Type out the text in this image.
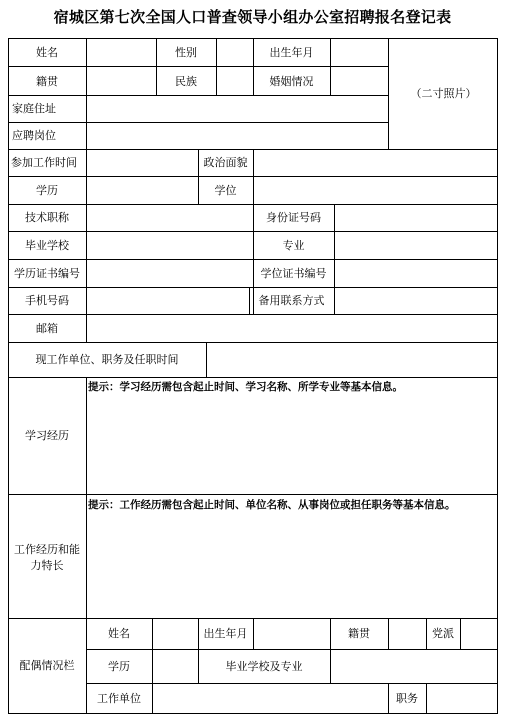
宿城区第七次全国人口普查领导小组办公室招聘报名登记表
姓名	性别	出生年月
籍贯	民族	婚姻情况
（二寸照片）
家庭住址
应聘岗位
参加工作时间	政治面貌
学历	学位
技术职称	身份证号码
毕业学校	专业
学历证书编号	学位证书编号
手机号码	备用联系方式
邮箱
现工作单位、职务及任职时间
学习经历
提示：学习经历需包含起止时间、学习名称、所学专业等基本信息。
工作经历和能
力特长
提示：工作经历需包含起止时间、单位名称、从事岗位或担任职务等基本信息。
配偶情况栏
姓名	出生年月	籍贯	党派
学历	毕业学校及专业
工作单位	职务
